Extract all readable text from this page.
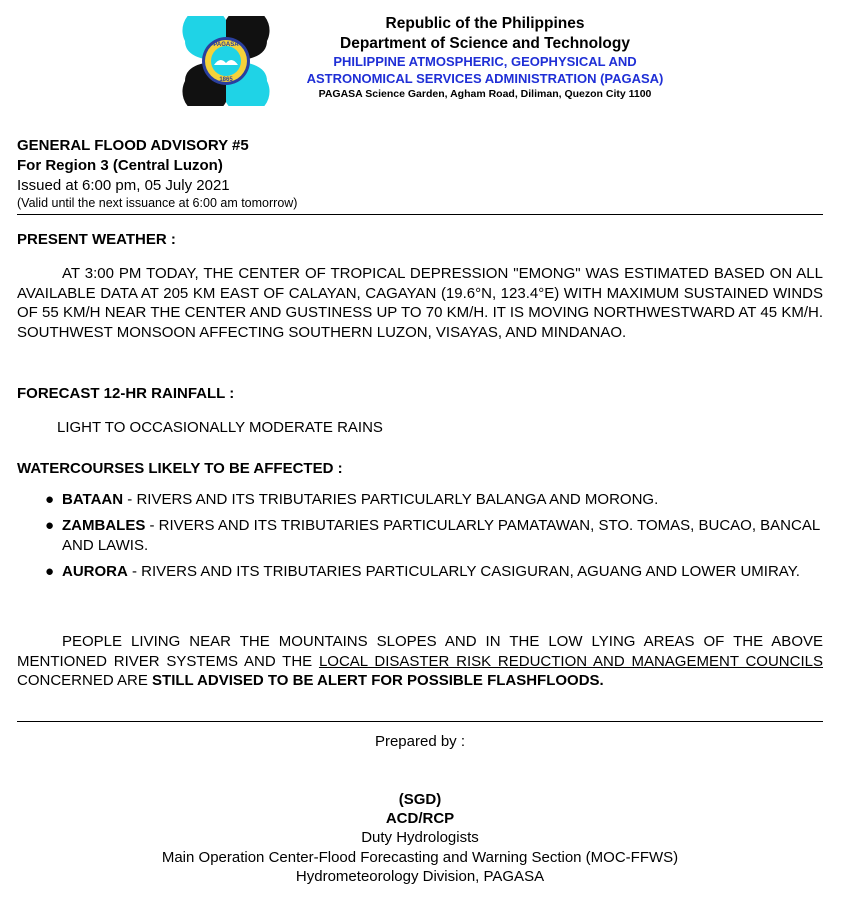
PAGASA
1865
Republic of the Philippines
Department of Science and Technology
PHILIPPINE ATMOSPHERIC, GEOPHYSICAL AND
ASTRONOMICAL SERVICES ADMINISTRATION (PAGASA)
PAGASA Science Garden, Agham Road, Diliman, Quezon City 1100
GENERAL FLOOD ADVISORY #5
For Region 3 (Central Luzon)
Issued at 6:00 pm, 05 July 2021
(Valid until the next issuance at 6:00 am tomorrow)
PRESENT WEATHER :
AT 3:00 PM TODAY, THE CENTER OF TROPICAL DEPRESSION "EMONG" WAS ESTIMATED BASED ON ALL AVAILABLE DATA AT 205 KM EAST OF CALAYAN, CAGAYAN (19.6°N, 123.4°E) WITH MAXIMUM SUSTAINED WINDS OF 55 KM/H NEAR THE CENTER AND GUSTINESS UP TO 70 KM/H. IT IS MOVING NORTHWESTWARD AT 45 KM/H. SOUTHWEST MONSOON AFFECTING SOUTHERN LUZON, VISAYAS, AND MINDANAO.
FORECAST 12-HR RAINFALL :
LIGHT TO OCCASIONALLY MODERATE RAINS
WATERCOURSES LIKELY TO BE AFFECTED :
● BATAAN - RIVERS AND ITS TRIBUTARIES PARTICULARLY BALANGA AND MORONG.
● ZAMBALES - RIVERS AND ITS TRIBUTARIES PARTICULARLY PAMATAWAN, STO. TOMAS, BUCAO, BANCAL AND LAWIS.
● AURORA - RIVERS AND ITS TRIBUTARIES PARTICULARLY CASIGURAN, AGUANG AND LOWER UMIRAY.
PEOPLE LIVING NEAR THE MOUNTAINS SLOPES AND IN THE LOW LYING AREAS OF THE ABOVE MENTIONED RIVER SYSTEMS AND THE LOCAL DISASTER RISK REDUCTION AND MANAGEMENT COUNCILS CONCERNED ARE STILL ADVISED TO BE ALERT FOR POSSIBLE FLASHFLOODS.
Prepared by :
(SGD)
ACD/RCP
Duty Hydrologists
Main Operation Center-Flood Forecasting and Warning Section (MOC-FFWS)
Hydrometeorology Division, PAGASA
